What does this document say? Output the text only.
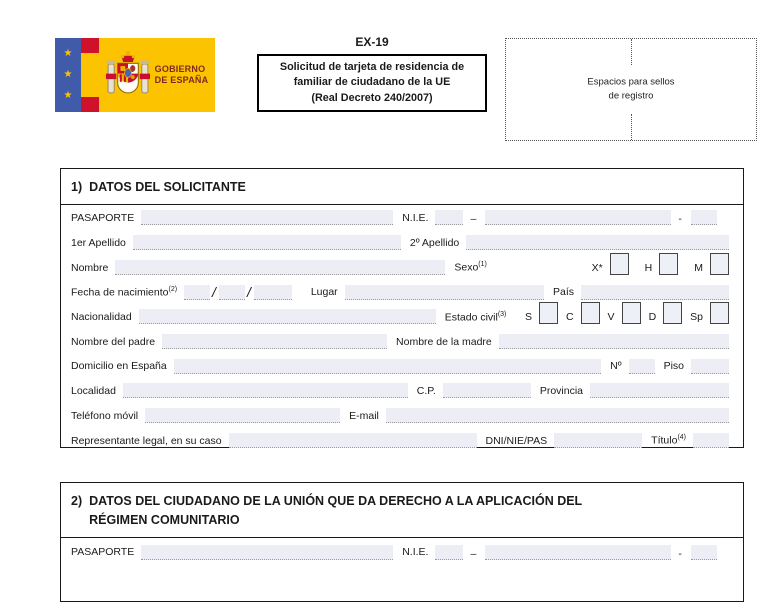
★
★
★
GOBIERNO
DE ESPAÑA
EX-19
Solicitud de tarjeta de residencia de
familiar de ciudadano de la UE
(Real Decreto 240/2007)
Espacios para sellos
de registro
1) DATOS DEL SOLICITANTE
PASAPORTE	N.I.E.	–	-
1er Apellido	2º Apellido
Nombre	Sexo$^{(1)}$	X*	H	M
Fecha de nacimiento$^{(2)}$	/ /	Lugar	País
Nacionalidad	Estado civil$^{(3)}$ S	C	V	D	Sp
Nombre del padre	Nombre de la madre
Domicilio en España	Nº	Piso
Localidad	C.P.	Provincia
Teléfono móvil	E-mail
Representante legal, en su caso	DNI/NIE/PAS	Título$^{(4)}$
2) DATOS DEL CIUDADANO DE LA UNIÓN QUE DA DERECHO A LA APLICACIÓN DEL
RÉGIMEN COMUNITARIO
PASAPORTE	N.I.E.	–	-
